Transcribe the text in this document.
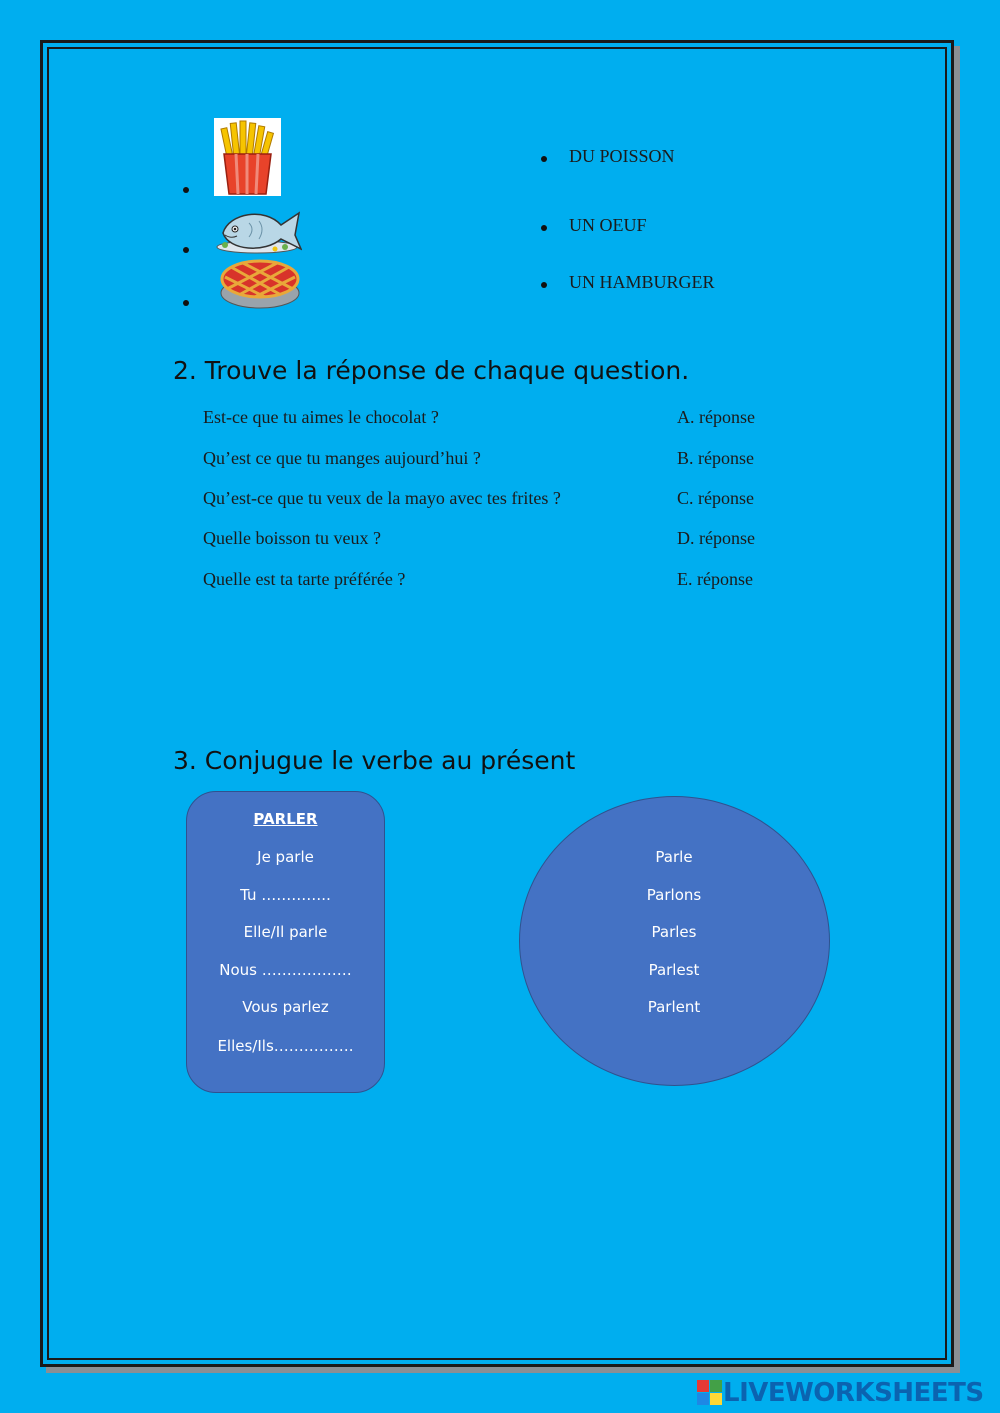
DU POISSON
UN OEUF
UN HAMBURGER
2. Trouve la réponse de chaque question.
Est-ce que tu aimes le chocolat ?
Qu’est ce que tu manges aujourd’hui ?
Qu’est-ce que tu veux de la mayo avec tes frites ?
Quelle boisson tu veux ?
Quelle est ta tarte préférée ?
A. réponse
B. réponse
C. réponse
D. réponse
E. réponse
3. Conjugue le verbe au présent
PARLER
Je parle
Tu …………..
Elle/Il parle
Nous ………………
Vous parlez
Elles/Ils…………….
Parle
Parlons
Parles
Parlest
Parlent
LIVEWORKSHEETS
